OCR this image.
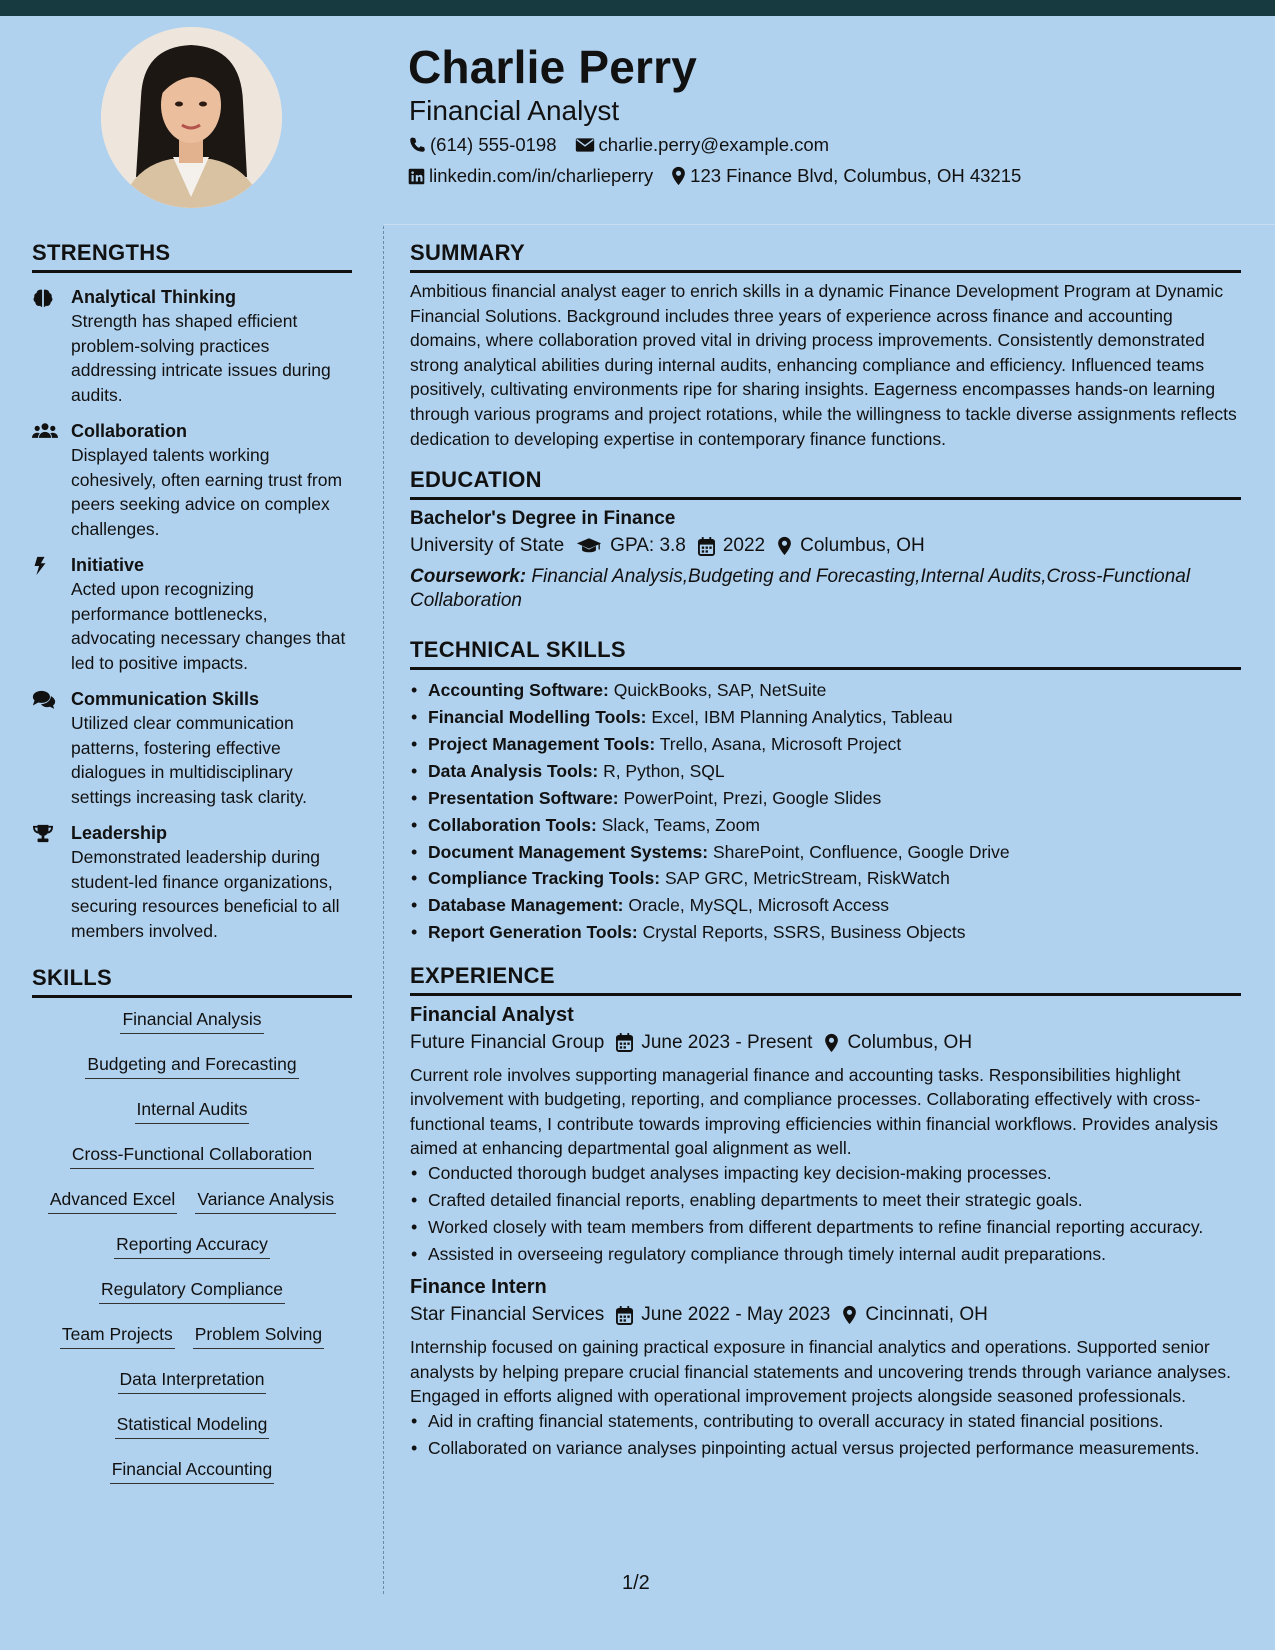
Charlie Perry
Financial Analyst
(614) 555-0198 charlie.perry@example.com
linkedin.com/in/charlieperry 123 Finance Blvd, Columbus, OH 43215
STRENGTHS
Analytical Thinking
Strength has shaped efficient problem-solving practices addressing intricate issues during audits.
Collaboration
Displayed talents working cohesively, often earning trust from peers seeking advice on complex challenges.
Initiative
Acted upon recognizing performance bottlenecks, advocating necessary changes that led to positive impacts.
Communication Skills
Utilized clear communication patterns, fostering effective dialogues in multidisciplinary settings increasing task clarity.
Leadership
Demonstrated leadership during student-led finance organizations, securing resources beneficial to all members involved.
SKILLS
Financial Analysis
Budgeting and Forecasting
Internal Audits
Cross-Functional Collaboration
Advanced Excel Variance Analysis
Reporting Accuracy
Regulatory Compliance
Team Projects Problem Solving
Data Interpretation
Statistical Modeling
Financial Accounting
SUMMARY
Ambitious financial analyst eager to enrich skills in a dynamic Finance Development Program at Dynamic Financial Solutions. Background includes three years of experience across finance and accounting domains, where collaboration proved vital in driving process improvements. Consistently demonstrated strong analytical abilities during internal audits, enhancing compliance and efficiency. Influenced teams positively, cultivating environments ripe for sharing insights. Eagerness encompasses hands-on learning through various programs and project rotations, while the willingness to tackle diverse assignments reflects dedication to developing expertise in contemporary finance functions.
EDUCATION
Bachelor's Degree in Finance
University of State GPA: 3.8 2022 Columbus, OH
Coursework: Financial Analysis,Budgeting and Forecasting,Internal Audits,Cross-Functional Collaboration
TECHNICAL SKILLS
• Accounting Software: QuickBooks, SAP, NetSuite
• Financial Modelling Tools: Excel, IBM Planning Analytics, Tableau
• Project Management Tools: Trello, Asana, Microsoft Project
• Data Analysis Tools: R, Python, SQL
• Presentation Software: PowerPoint, Prezi, Google Slides
• Collaboration Tools: Slack, Teams, Zoom
• Document Management Systems: SharePoint, Confluence, Google Drive
• Compliance Tracking Tools: SAP GRC, MetricStream, RiskWatch
• Database Management: Oracle, MySQL, Microsoft Access
• Report Generation Tools: Crystal Reports, SSRS, Business Objects
EXPERIENCE
Financial Analyst
Future Financial Group June 2023 - Present Columbus, OH
Current role involves supporting managerial finance and accounting tasks. Responsibilities highlight involvement with budgeting, reporting, and compliance processes. Collaborating effectively with cross-functional teams, I contribute towards improving efficiencies within financial workflows. Provides analysis aimed at enhancing departmental goal alignment as well.
• Conducted thorough budget analyses impacting key decision-making processes.
• Crafted detailed financial reports, enabling departments to meet their strategic goals.
• Worked closely with team members from different departments to refine financial reporting accuracy.
• Assisted in overseeing regulatory compliance through timely internal audit preparations.
Finance Intern
Star Financial Services June 2022 - May 2023 Cincinnati, OH
Internship focused on gaining practical exposure in financial analytics and operations. Supported senior analysts by helping prepare crucial financial statements and uncovering trends through variance analyses. Engaged in efforts aligned with operational improvement projects alongside seasoned professionals.
• Aid in crafting financial statements, contributing to overall accuracy in stated financial positions.
• Collaborated on variance analyses pinpointing actual versus projected performance measurements.
1/2
